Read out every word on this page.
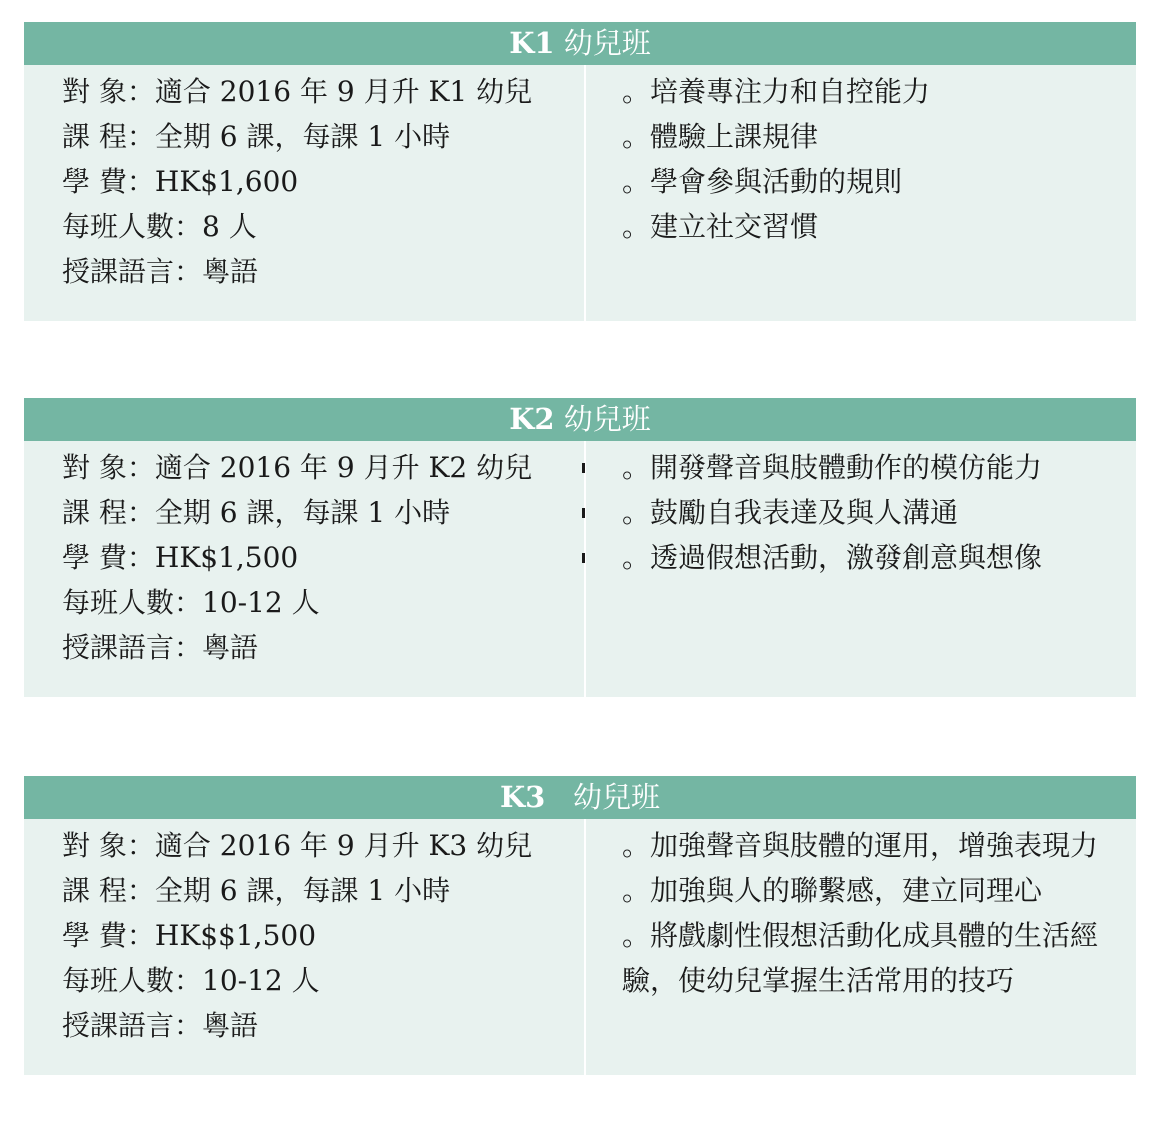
K1 幼兒班
對 象：適合 2016 年 9 月升 K1 幼兒
課 程：全期 6 課，每課 1 小時
學 費：HK$1,600
每班人數：8 人
授課語言：粵語
。培養專注力和自控能力
。體驗上課規律
。學會參與活動的規則
。建立社交習慣
K2 幼兒班
對 象：適合 2016 年 9 月升 K2 幼兒
課 程：全期 6 課，每課 1 小時
學 費：HK$1,500
每班人數：10-12 人
授課語言：粵語
。開發聲音與肢體動作的模仿能力
。鼓勵自我表達及與人溝通
。透過假想活動，激發創意與想像
K3   幼兒班
對 象：適合 2016 年 9 月升 K3 幼兒
課 程：全期 6 課，每課 1 小時
學 費：HK$$1,500
每班人數：10-12 人
授課語言：粵語
。加強聲音與肢體的運用，增強表現力
。加強與人的聯繫感，建立同理心
。將戲劇性假想活動化成具體的生活經驗，使幼兒掌握生活常用的技巧
